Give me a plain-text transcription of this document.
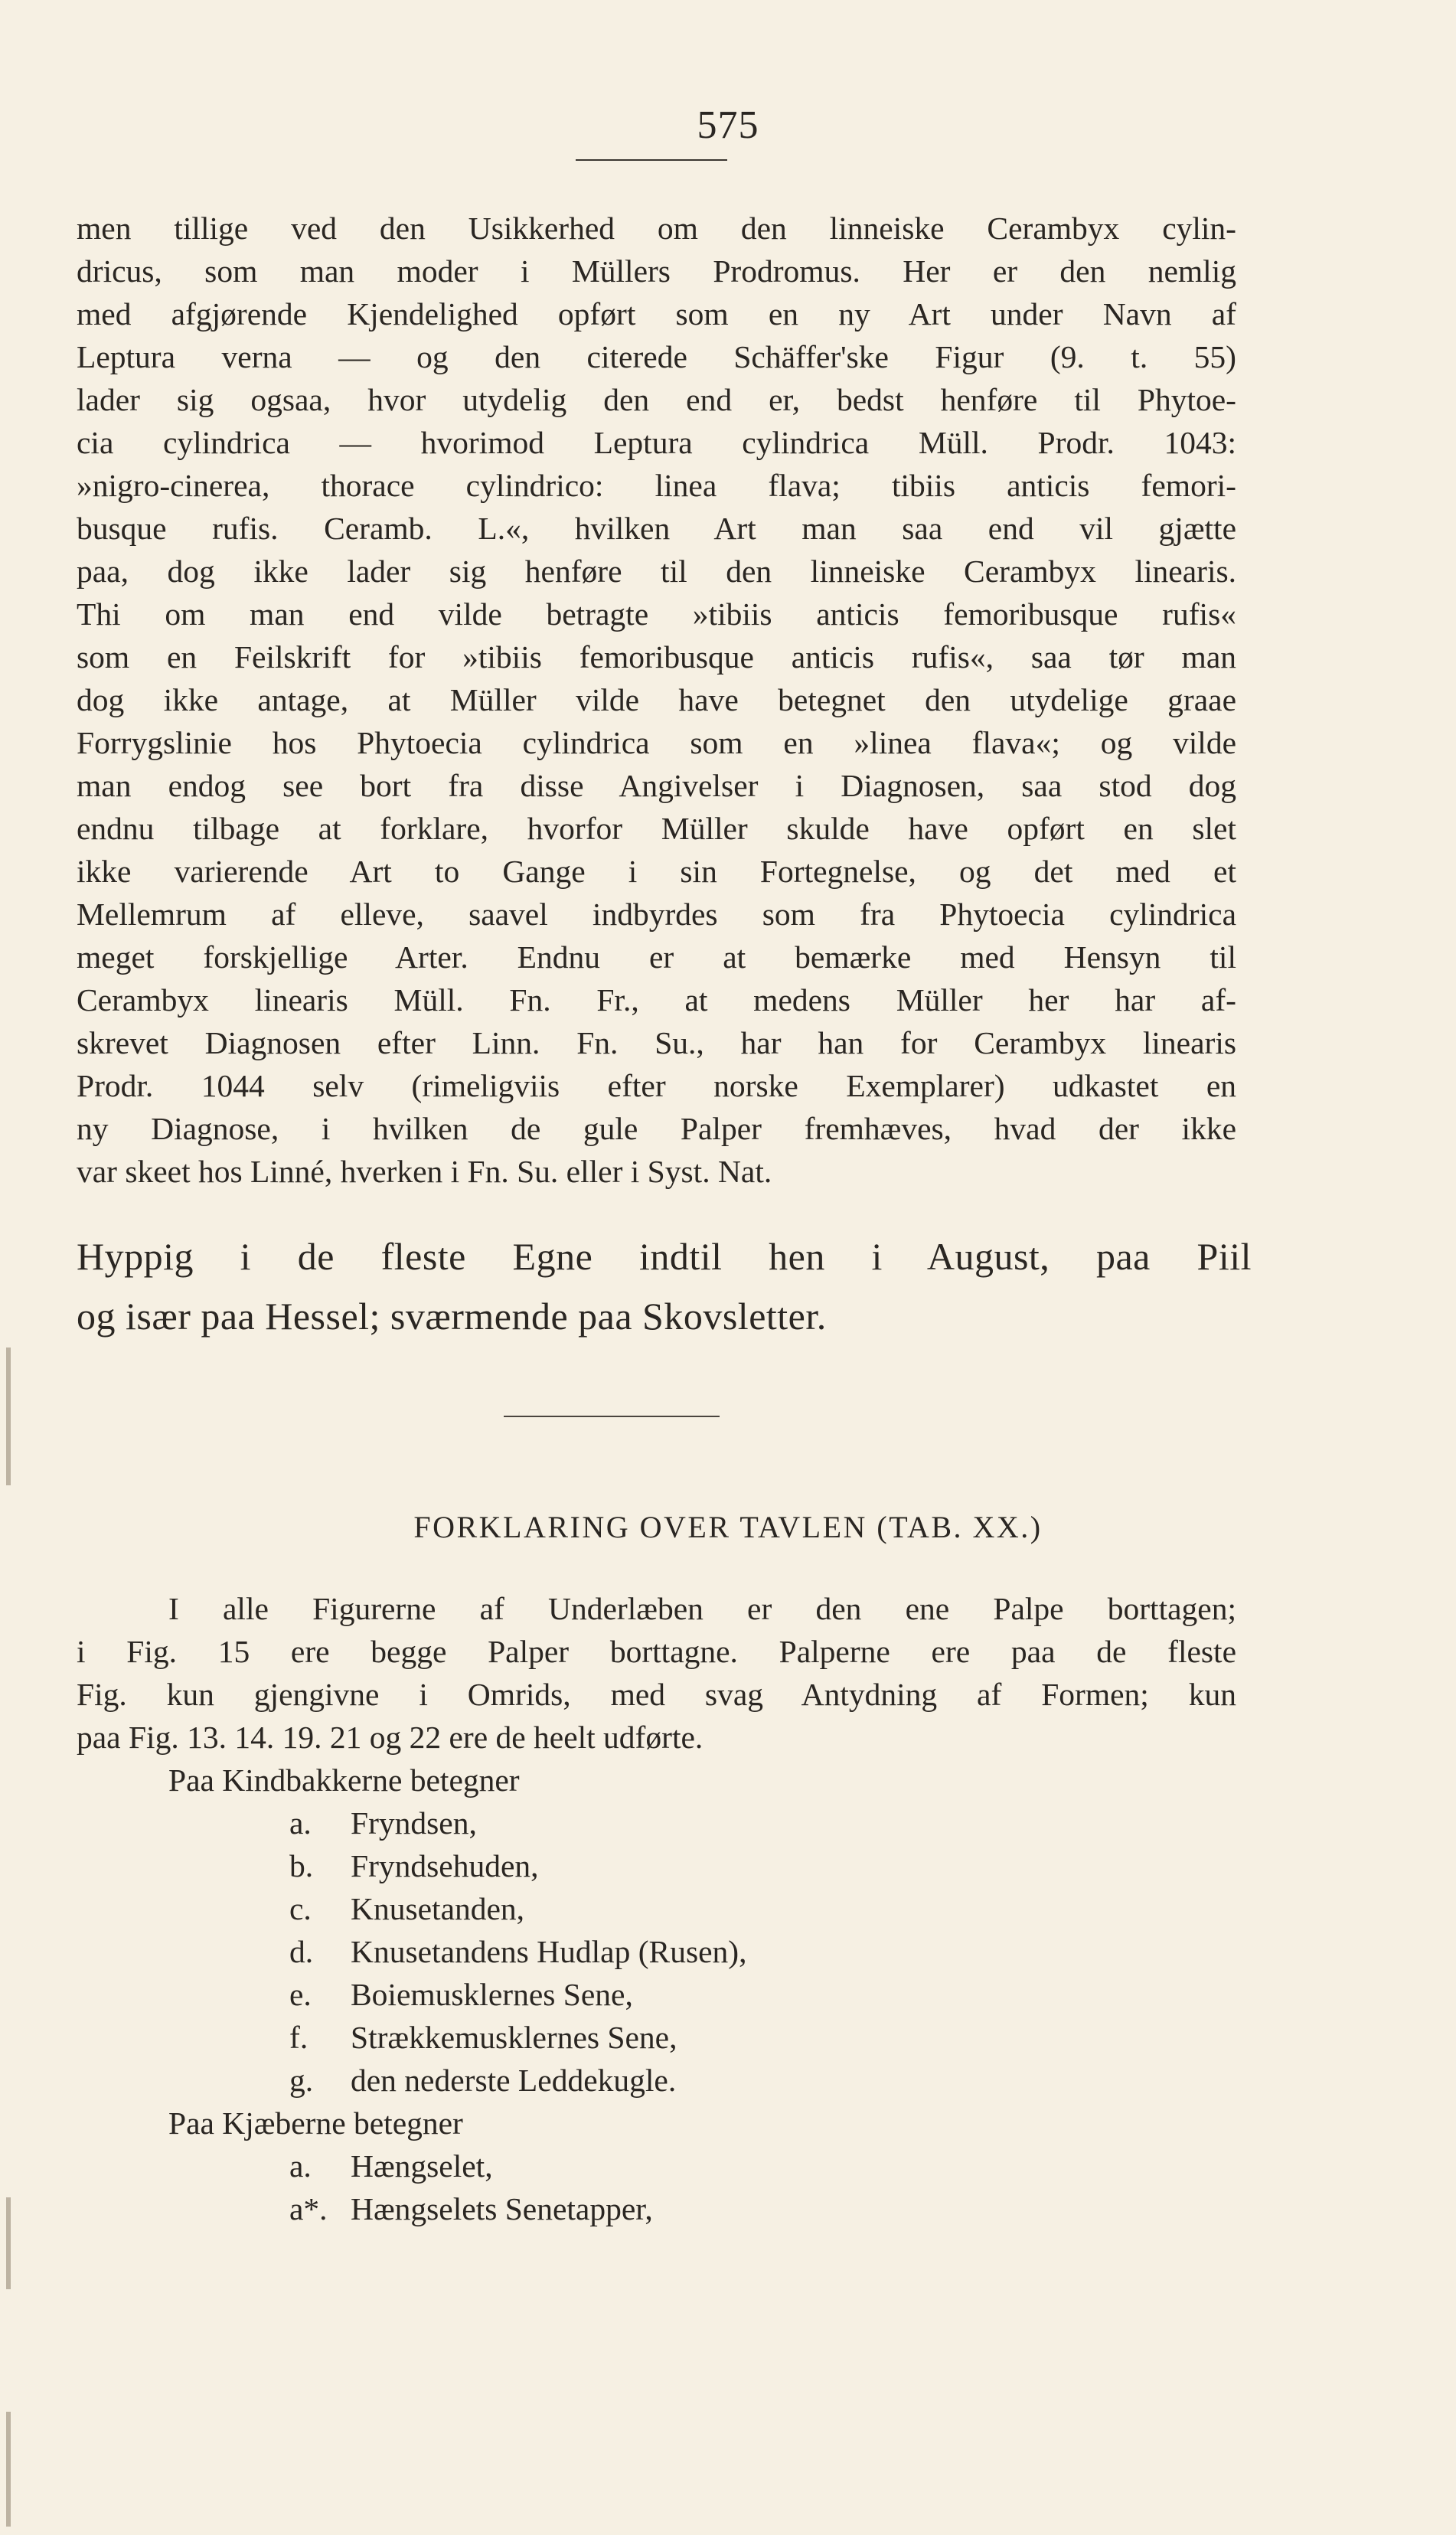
575
men tillige ved den Usikkerhed om den linneiske Cerambyx cylin-
dricus, som man moder i Müllers Prodromus. Her er den nemlig
med afgjørende Kjendelighed opført som en ny Art under Navn af
Leptura verna — og den citerede Schäffer'ske Figur (9. t. 55)
lader sig ogsaa, hvor utydelig den end er, bedst henføre til Phytoe-
cia cylindrica — hvorimod Leptura cylindrica Müll. Prodr. 1043:
»nigro-cinerea, thorace cylindrico: linea flava; tibiis anticis femori-
busque rufis. Ceramb. L.«, hvilken Art man saa end vil gjætte
paa, dog ikke lader sig henføre til den linneiske Cerambyx linearis.
Thi om man end vilde betragte »tibiis anticis femoribusque rufis«
som en Feilskrift for »tibiis femoribusque anticis rufis«, saa tør man
dog ikke antage, at Müller vilde have betegnet den utydelige graae
Forrygslinie hos Phytoecia cylindrica som en »linea flava«; og vilde
man endog see bort fra disse Angivelser i Diagnosen, saa stod dog
endnu tilbage at forklare, hvorfor Müller skulde have opført en slet
ikke varierende Art to Gange i sin Fortegnelse, og det med et
Mellemrum af elleve, saavel indbyrdes som fra Phytoecia cylindrica
meget forskjellige Arter. Endnu er at bemærke med Hensyn til
Cerambyx linearis Müll. Fn. Fr., at medens Müller her har af-
skrevet Diagnosen efter Linn. Fn. Su., har han for Cerambyx linearis
Prodr. 1044 selv (rimeligviis efter norske Exemplarer) udkastet en
ny Diagnose, i hvilken de gule Palper fremhæves, hvad der ikke
var skeet hos Linné, hverken i Fn. Su. eller i Syst. Nat.
Hyppig i de fleste Egne indtil hen i August, paa Piil
og især paa Hessel; sværmende paa Skovsletter.
FORKLARING OVER TAVLEN (TAB. XX.)
I alle Figurerne af Underlæben er den ene Palpe borttagen;
i Fig. 15 ere begge Palper borttagne. Palperne ere paa de fleste
Fig. kun gjengivne i Omrids, med svag Antydning af Formen; kun
paa Fig. 13. 14. 19. 21 og 22 ere de heelt udførte.
Paa Kindbakkerne betegner
a. Fryndsen,
b. Fryndsehuden,
c. Knusetanden,
d. Knusetandens Hudlap (Rusen),
e. Boiemusklernes Sene,
f. Strækkemusklernes Sene,
g. den nederste Leddekugle.
Paa Kjæberne betegner
a. Hængselet,
a*. Hængselets Senetapper,
